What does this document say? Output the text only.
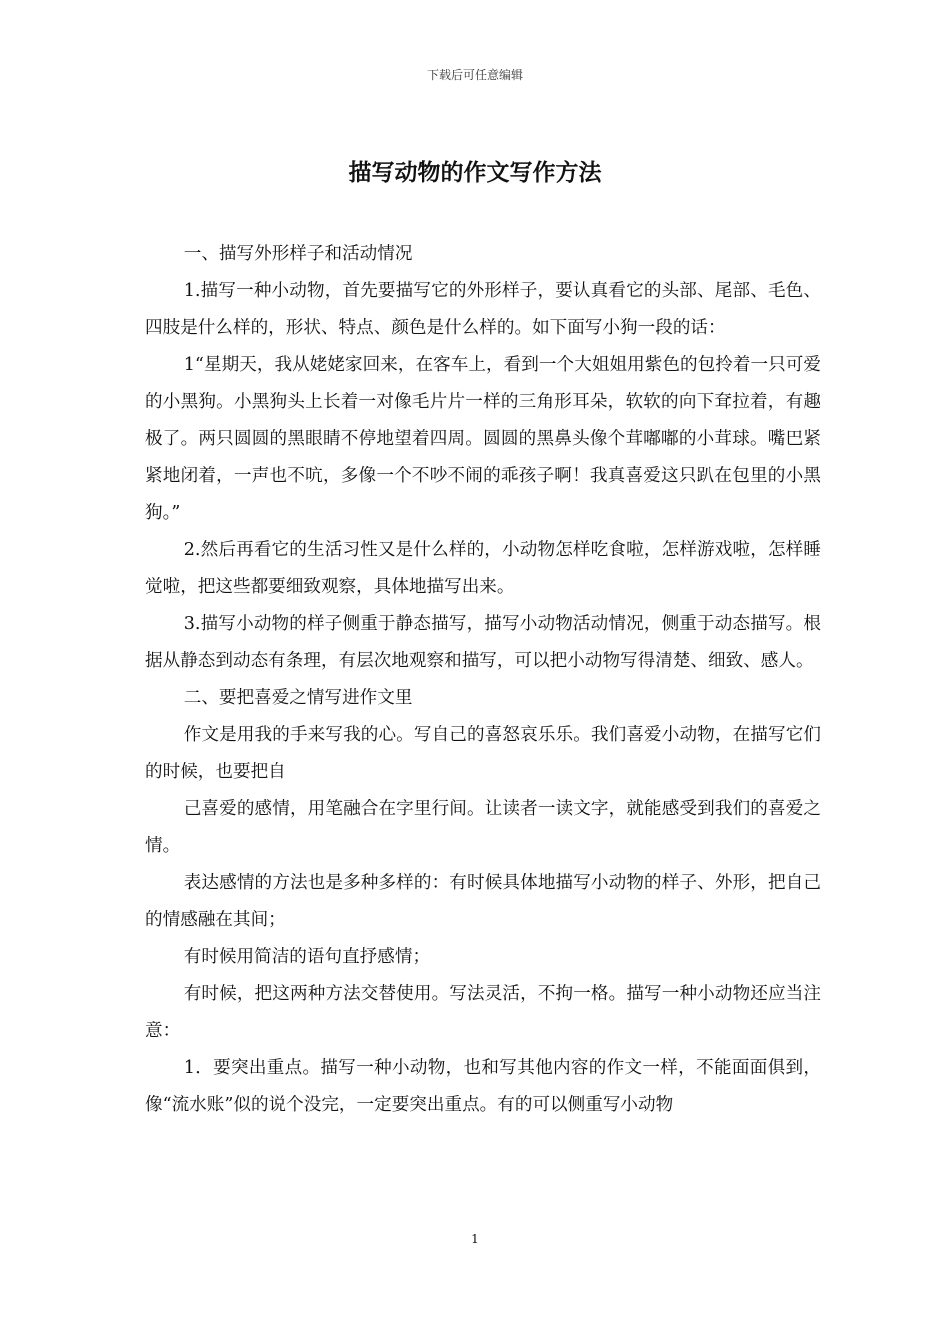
下载后可任意编辑
描写动物的作文写作方法

一、描写外形样子和活动情况

1.描写一种小动物，首先要描写它的外形样子，要认真看它的头部、尾部、毛色、四肢是什么样的，形状、特点、颜色是什么样的。如下面写小狗一段的话：

1“星期天，我从姥姥家回来，在客车上，看到一个大姐姐用紫色的包拎着一只可爱的小黑狗。小黑狗头上长着一对像毛片片一样的三角形耳朵，软软的向下耷拉着，有趣极了。两只圆圆的黑眼睛不停地望着四周。圆圆的黑鼻头像个茸嘟嘟的小茸球。嘴巴紧紧地闭着，一声也不吭，多像一个不吵不闹的乖孩子啊！我真喜爱这只趴在包里的小黑狗。”

2.然后再看它的生活习性又是什么样的，小动物怎样吃食啦，怎样游戏啦，怎样睡觉啦，把这些都要细致观察，具体地描写出来。

3.描写小动物的样子侧重于静态描写，描写小动物活动情况，侧重于动态描写。根据从静态到动态有条理，有层次地观察和描写，可以把小动物写得清楚、细致、感人。

二、要把喜爱之情写进作文里

作文是用我的手来写我的心。写自己的喜怒哀乐乐。我们喜爱小动物，在描写它们的时候，也要把自

己喜爱的感情，用笔融合在字里行间。让读者一读文字，就能感受到我们的喜爱之情。

表达感情的方法也是多种多样的：有时候具体地描写小动物的样子、外形，把自己的情感融在其间；

有时候用简洁的语句直抒感情；

有时候，把这两种方法交替使用。写法灵活，不拘一格。描写一种小动物还应当注意：

1．要突出重点。描写一种小动物，也和写其他内容的作文一样，不能面面俱到，像“流水账”似的说个没完，一定要突出重点。有的可以侧重写小动物

1
